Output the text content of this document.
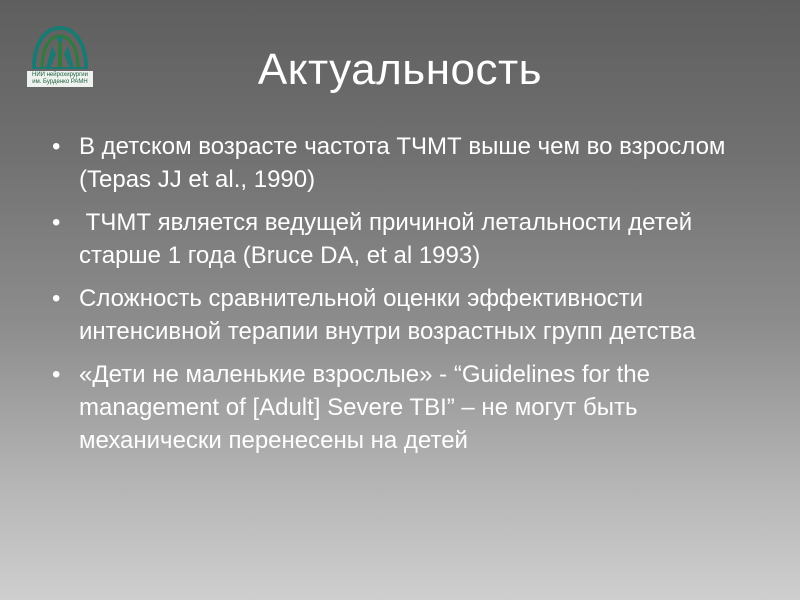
НИИ нейрохирургии
им. Бурденко РАМН	Актуальность
• В детском возрасте частота ТЧМТ выше чем во взрослом (Tepas JJ et al., 1990)
• ТЧМТ является ведущей причиной летальности детей старше 1 года (Bruce DA, et al 1993)
• Сложность сравнительной оценки эффективности интенсивной терапии внутри возрастных групп детства
• «Дети не маленькие взрослые» - “Guidelines for the management of [Adult] Severe TBI” – не могут быть механически перенесены на детей
